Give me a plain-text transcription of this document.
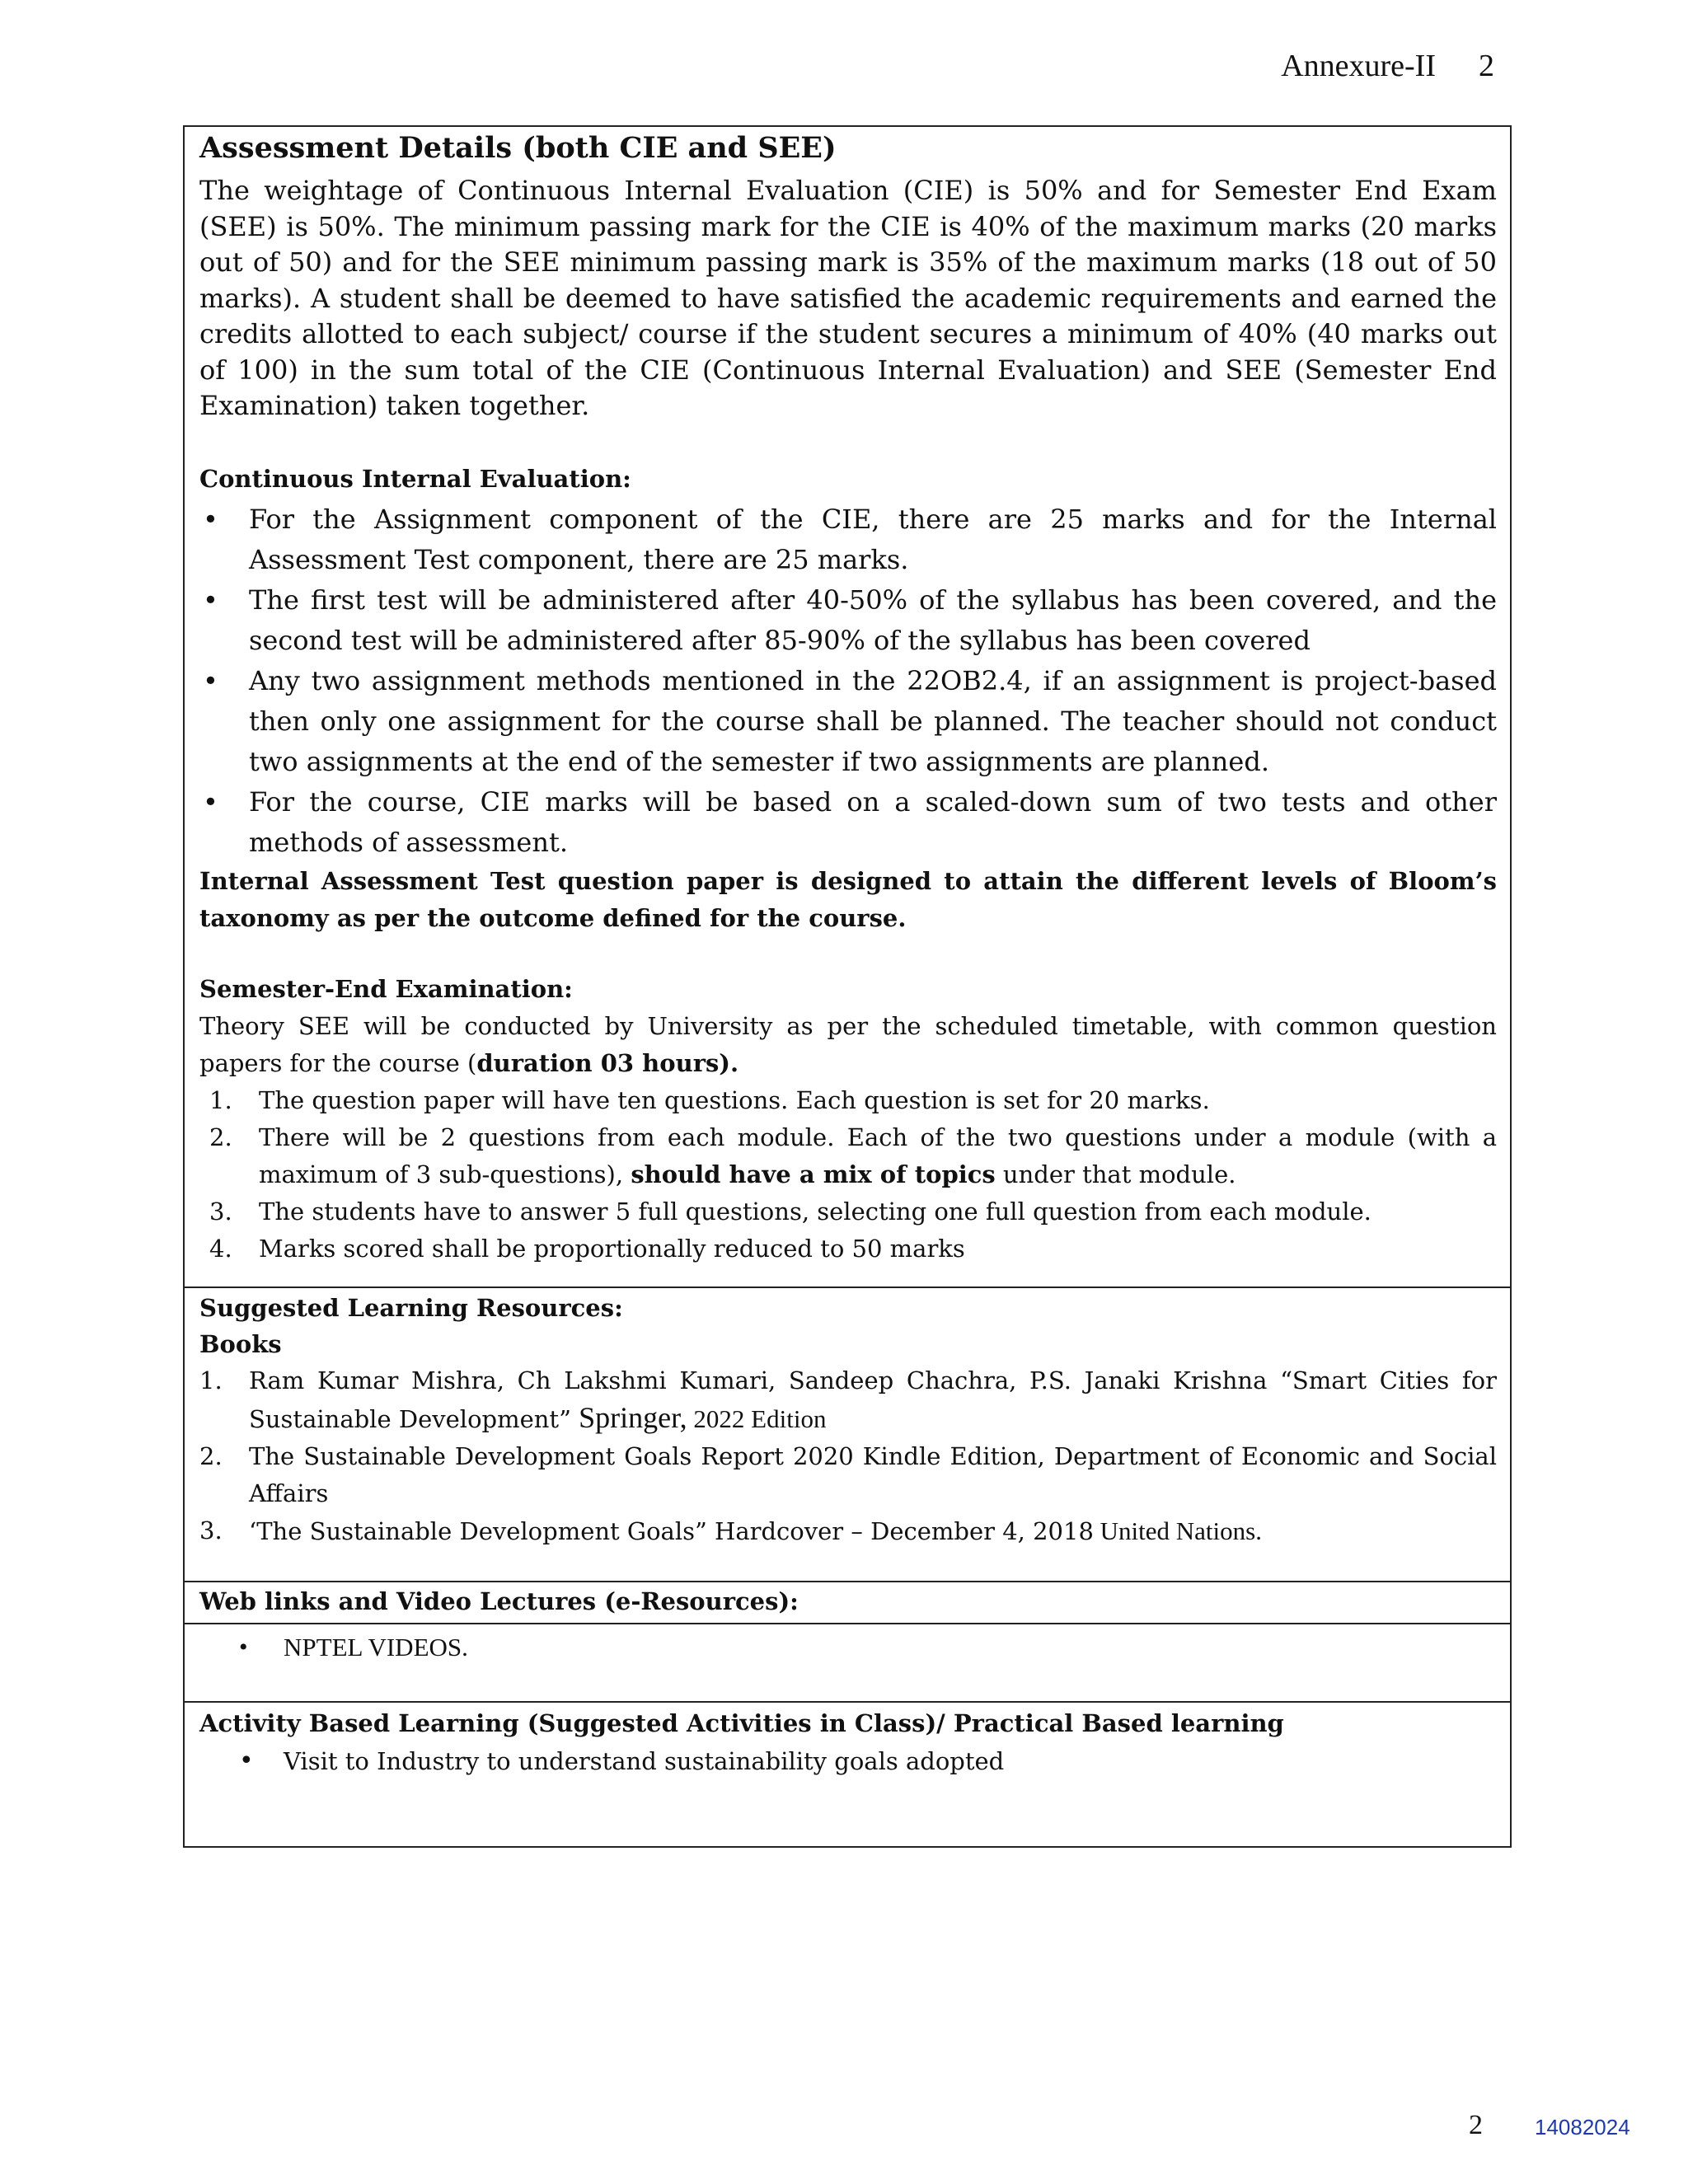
Annexure-II 2
Assessment Details (both CIE and SEE)

The weightage of Continuous Internal Evaluation (CIE) is 50% and for Semester End Exam (SEE) is 50%. The minimum passing mark for the CIE is 40% of the maximum marks (20 marks out of 50) and for the SEE minimum passing mark is 35% of the maximum marks (18 out of 50 marks). A student shall be deemed to have satisfied the academic requirements and earned the credits allotted to each subject/ course if the student secures a minimum of 40% (40 marks out of 100) in the sum total of the CIE (Continuous Internal Evaluation) and SEE (Semester End Examination) taken together.

Continuous Internal Evaluation:

• For the Assignment component of the CIE, there are 25 marks and for the Internal Assessment Test component, there are 25 marks.
• The first test will be administered after 40-50% of the syllabus has been covered, and the second test will be administered after 85-90% of the syllabus has been covered
• Any two assignment methods mentioned in the 22OB2.4, if an assignment is project-based then only one assignment for the course shall be planned. The teacher should not conduct two assignments at the end of the semester if two assignments are planned.
• For the course, CIE marks will be based on a scaled-down sum of two tests and other methods of assessment.

Internal Assessment Test question paper is designed to attain the different levels of Bloom’s taxonomy as per the outcome defined for the course.

Semester-End Examination:

Theory SEE will be conducted by University as per the scheduled timetable, with common question papers for the course (duration 03 hours).

1. The question paper will have ten questions. Each question is set for 20 marks.
2. There will be 2 questions from each module. Each of the two questions under a module (with a maximum of 3 sub-questions), should have a mix of topics under that module.
3. The students have to answer 5 full questions, selecting one full question from each module.
4. Marks scored shall be proportionally reduced to 50 marks

Suggested Learning Resources:

Books

1. Ram Kumar Mishra, Ch Lakshmi Kumari, Sandeep Chachra, P.S. Janaki Krishna “Smart Cities for Sustainable Development” Springer, 2022 Edition
2. The Sustainable Development Goals Report 2020 Kindle Edition, Department of Economic and Social Affairs
3. ‘The Sustainable Development Goals” Hardcover – December 4, 2018 United Nations.

Web links and Video Lectures (e-Resources):

• NPTEL VIDEOS.

Activity Based Learning (Suggested Activities in Class)/ Practical Based learning

• Visit to Industry to understand sustainability goals adopted
2 14082024
